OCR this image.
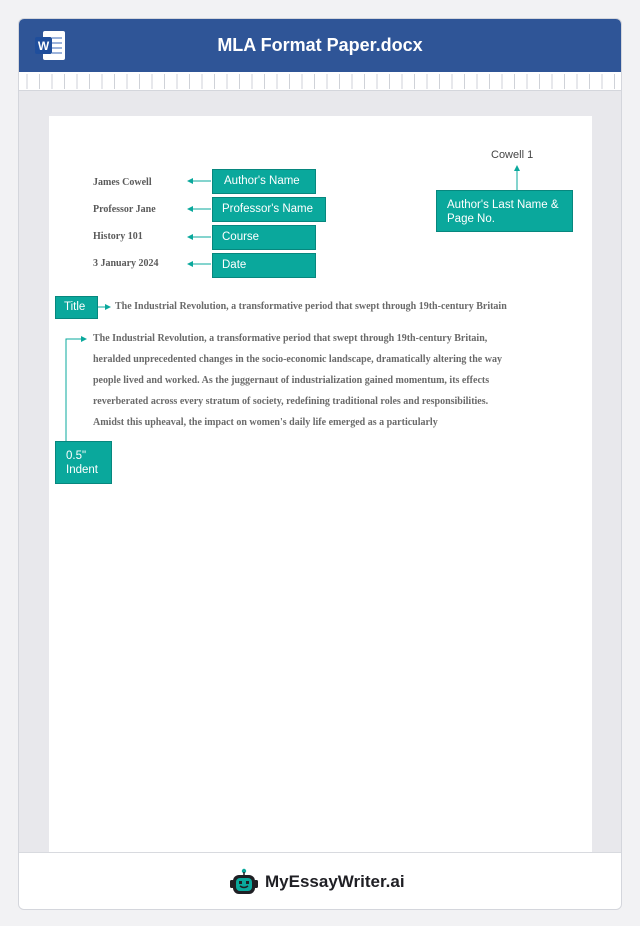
W	MLA Format Paper.docx
MyEssayWriter.ai
Cowell 1
James Cowell
Professor Jane
History 101
3 January 2024
The Industrial Revolution, a transformative period that swept through 19th-century Britain
The Industrial Revolution, a transformative period that swept through 19th-century Britain,
heralded unprecedented changes in the socio-economic landscape, dramatically altering the way
people lived and worked. As the juggernaut of industrialization gained momentum, its effects
reverberated across every stratum of society, redefining traditional roles and responsibilities.
Amidst this upheaval, the impact on women's daily life emerged as a particularly
Author's Name
Professor's Name
Course
Date
Author's Last Name &
Page No.
Title
0.5"
Indent
